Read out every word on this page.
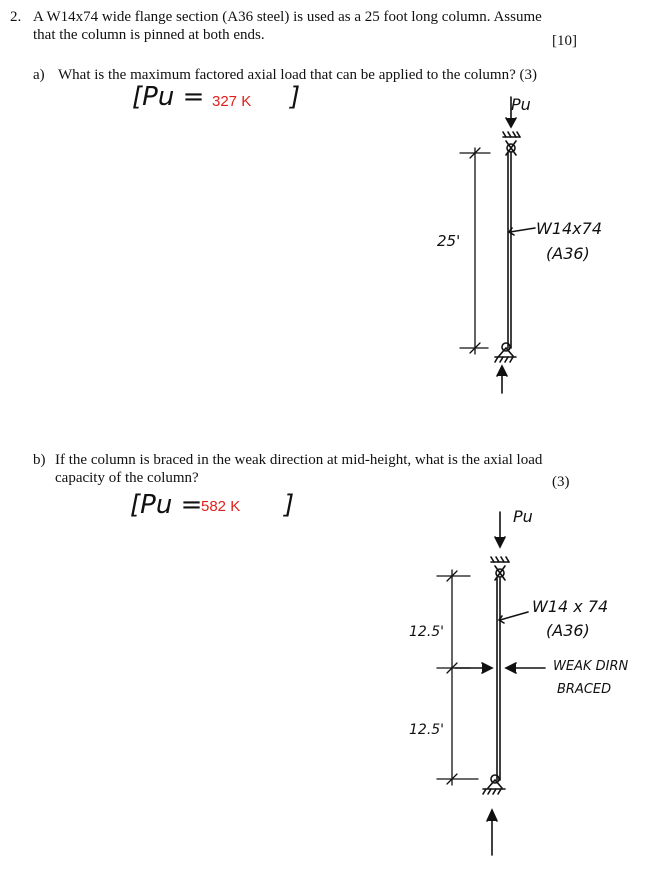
2. A W14x74 wide flange section (A36 steel) is used as a 25 foot long column. Assume
that the column is pinned at both ends.	[10]
a) What is the maximum factored axial load that can be applied to the column? (3)
[Pu = 327 K ]
b) If the column is braced in the weak direction at mid-height, what is the axial load
capacity of the column?	(3)
[Pu =
582 K ]
Pu
25'
W14x74
(A36)
Pu
12.5'
12.5'
W14 x 74
(A36)
WEAK DIRN
BRACED
